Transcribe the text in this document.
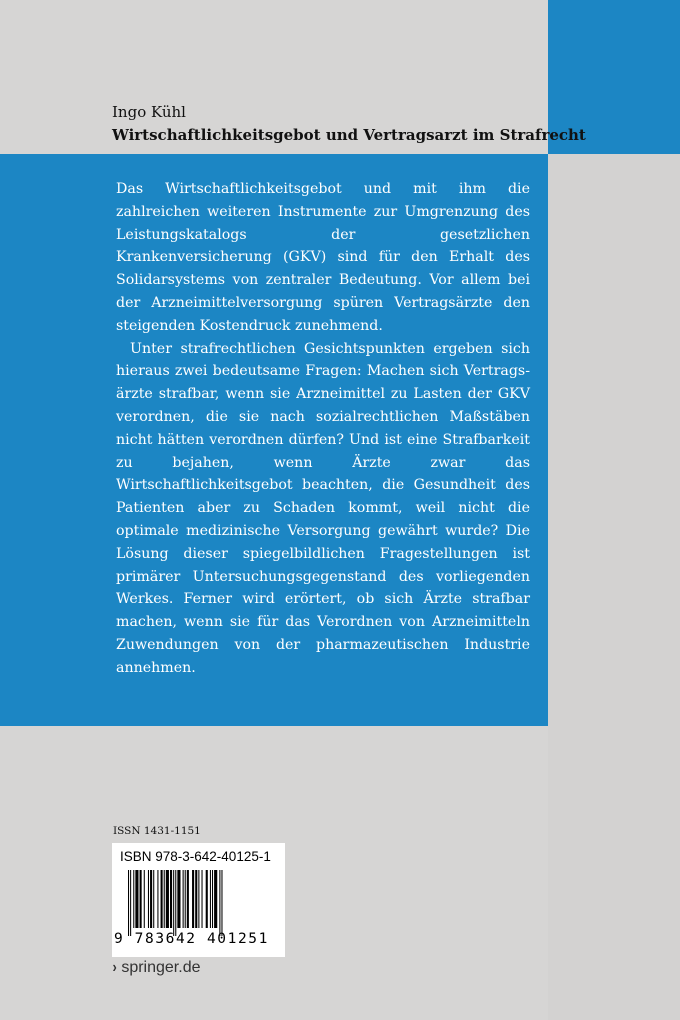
Ingo Kühl
Wirtschaftlichkeitsgebot und Vertragsarzt im Strafrecht

Das Wirtschaftlichkeitsgebot und mit ihm die zahlreichen weiteren Instrumente zur Umgrenzung des Leistungskatalogs der gesetzlichen Krankenversicherung (GKV) sind für den Erhalt des Solidarsystems von zentraler Bedeutung. Vor allem bei der Arzneimittelversorgung spüren Vertragsärzte den steigenden Kostendruck zunehmend.

Unter strafrechtlichen Gesichtspunkten ergeben sich hieraus zwei bedeutsame Fragen: Machen sich Vertragsärzte strafbar, wenn sie Arzneimittel zu Lasten der GKV verordnen, die sie nach sozialrechtlichen Maßstäben nicht hätten verordnen dürfen? Und ist eine Strafbarkeit zu bejahen, wenn Ärzte zwar das Wirtschaftlichkeitsgebot beachten, die Gesundheit des Patienten aber zu Schaden kommt, weil nicht die optimale medizinische Versorgung gewährt wurde? Die Lösung dieser spiegelbildlichen Fragestellungen ist primärer Untersuchungsgegenstand des vorliegenden Werkes. Ferner wird erörtert, ob sich Ärzte strafbar machen, wenn sie für das Verordnen von Arzneimitteln Zuwendungen von der pharmazeutischen Industrie annehmen.

ISSN 1431-1151
ISBN 978-3-642-40125-1
9 783642 401251
› springer.de
